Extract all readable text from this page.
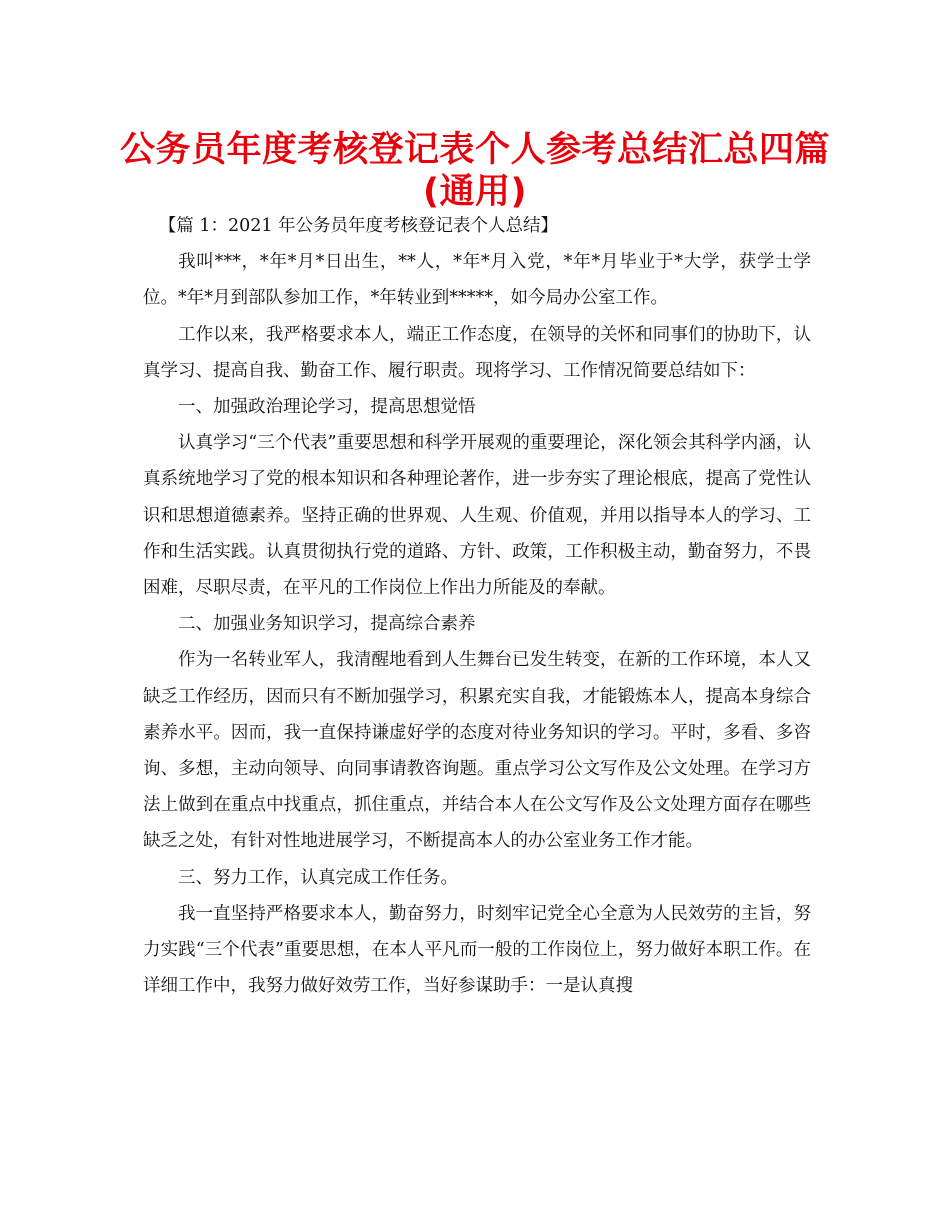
公务员年度考核登记表个人参考总结汇总四篇
(通用)

【篇 1：2021 年公务员年度考核登记表个人总结】

我叫***，*年*月*日出生，**人，*年*月入党，*年*月毕业于*大学，获学士学位。*年*月到部队参加工作，*年转业到*****，如今局办公室工作。

工作以来，我严格要求本人，端正工作态度，在领导的关怀和同事们的协助下，认真学习、提高自我、勤奋工作、履行职责。现将学习、工作情况简要总结如下：

一、加强政治理论学习，提高思想觉悟

认真学习“三个代表”重要思想和科学开展观的重要理论，深化领会其科学内涵，认真系统地学习了党的根本知识和各种理论著作，进一步夯实了理论根底，提高了党性认识和思想道德素养。坚持正确的世界观、人生观、价值观，并用以指导本人的学习、工作和生活实践。认真贯彻执行党的道路、方针、政策，工作积极主动，勤奋努力，不畏困难，尽职尽责，在平凡的工作岗位上作出力所能及的奉献。

二、加强业务知识学习，提高综合素养

作为一名转业军人，我清醒地看到人生舞台已发生转变，在新的工作环境，本人又缺乏工作经历，因而只有不断加强学习，积累充实自我，才能锻炼本人，提高本身综合素养水平。因而，我一直保持谦虚好学的态度对待业务知识的学习。平时，多看、多咨询、多想，主动向领导、向同事请教咨询题。重点学习公文写作及公文处理。在学习方法上做到在重点中找重点，抓住重点，并结合本人在公文写作及公文处理方面存在哪些缺乏之处，有针对性地进展学习，不断提高本人的办公室业务工作才能。

三、努力工作，认真完成工作任务。

我一直坚持严格要求本人，勤奋努力，时刻牢记党全心全意为人民效劳的主旨，努力实践“三个代表”重要思想，在本人平凡而一般的工作岗位上，努力做好本职工作。在详细工作中，我努力做好效劳工作，当好参谋助手：一是认真搜
